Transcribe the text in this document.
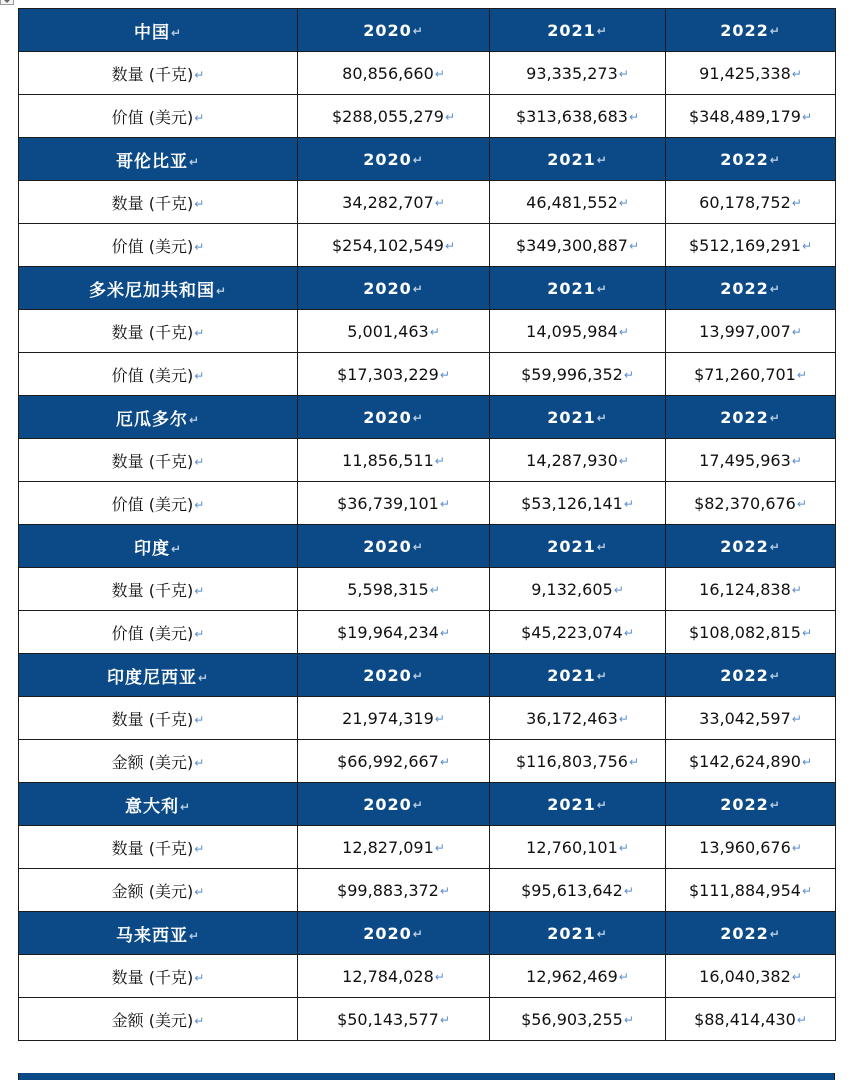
中国↵	2020↵	2021↵	2022↵
数量 (千克)↵	80,856,660↵	93,335,273↵	91,425,338↵
价值 (美元)↵	$288,055,279↵	$313,638,683↵	$348,489,179↵
哥伦比亚↵	2020↵	2021↵	2022↵
数量 (千克)↵	34,282,707↵	46,481,552↵	60,178,752↵
价值 (美元)↵	$254,102,549↵	$349,300,887↵	$512,169,291↵
多米尼加共和国↵	2020↵	2021↵	2022↵
数量 (千克)↵	5,001,463↵	14,095,984↵	13,997,007↵
价值 (美元)↵	$17,303,229↵	$59,996,352↵	$71,260,701↵
厄瓜多尔↵	2020↵	2021↵	2022↵
数量 (千克)↵	11,856,511↵	14,287,930↵	17,495,963↵
价值 (美元)↵	$36,739,101↵	$53,126,141↵	$82,370,676↵
印度↵	2020↵	2021↵	2022↵
数量 (千克)↵	5,598,315↵	9,132,605↵	16,124,838↵
价值 (美元)↵	$19,964,234↵	$45,223,074↵	$108,082,815↵
印度尼西亚↵	2020↵	2021↵	2022↵
数量 (千克)↵	21,974,319↵	36,172,463↵	33,042,597↵
金额 (美元)↵	$66,992,667↵	$116,803,756↵	$142,624,890↵
意大利↵	2020↵	2021↵	2022↵
数量 (千克)↵	12,827,091↵	12,760,101↵	13,960,676↵
金额 (美元)↵	$99,883,372↵	$95,613,642↵	$111,884,954↵
马来西亚↵	2020↵	2021↵	2022↵
数量 (千克)↵	12,784,028↵	12,962,469↵	16,040,382↵
金额 (美元)↵	$50,143,577↵	$56,903,255↵	$88,414,430↵
